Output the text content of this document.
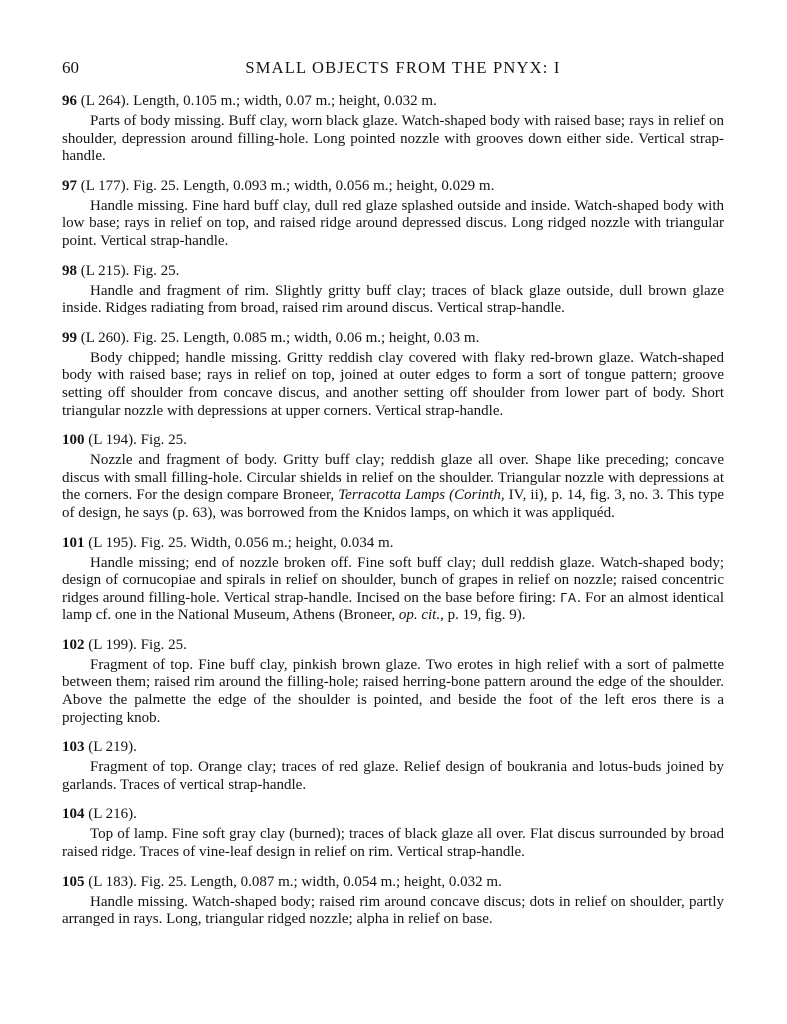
60	SMALL OBJECTS FROM THE PNYX: I
96 (L 264). Length, 0.105 m.; width, 0.07 m.; height, 0.032 m.

Parts of body missing. Buff clay, worn black glaze. Watch-shaped body with raised base; rays in relief on shoulder, depression around filling-hole. Long pointed nozzle with grooves down either side. Vertical strap-handle.

97 (L 177). Fig. 25. Length, 0.093 m.; width, 0.056 m.; height, 0.029 m.

Handle missing. Fine hard buff clay, dull red glaze splashed outside and inside. Watch-shaped body with low base; rays in relief on top, and raised ridge around depressed discus. Long ridged nozzle with triangular point. Vertical strap-handle.

98 (L 215). Fig. 25.

Handle and fragment of rim. Slightly gritty buff clay; traces of black glaze outside, dull brown glaze inside. Ridges radiating from broad, raised rim around discus. Vertical strap-handle.

99 (L 260). Fig. 25. Length, 0.085 m.; width, 0.06 m.; height, 0.03 m.

Body chipped; handle missing. Gritty reddish clay covered with flaky red-brown glaze. Watch-shaped body with raised base; rays in relief on top, joined at outer edges to form a sort of tongue pattern; groove setting off shoulder from concave discus, and another setting off shoulder from lower part of body. Short triangular nozzle with depressions at upper corners. Vertical strap-handle.

100 (L 194). Fig. 25.

Nozzle and fragment of body. Gritty buff clay; reddish glaze all over. Shape like preceding; concave discus with small filling-hole. Circular shields in relief on the shoulder. Triangular nozzle with depressions at the corners. For the design compare Broneer, Terracotta Lamps (Corinth, IV, ii), p. 14, fig. 3, no. 3. This type of design, he says (p. 63), was borrowed from the Knidos lamps, on which it was appliquéd.

101 (L 195). Fig. 25. Width, 0.056 m.; height, 0.034 m.

Handle missing; end of nozzle broken off. Fine soft buff clay; dull reddish glaze. Watch-shaped body; design of cornucopiae and spirals in relief on shoulder, bunch of grapes in relief on nozzle; raised concentric ridges around filling-hole. Vertical strap-handle. Incised on the base before firing: ΓΑ. For an almost identical lamp cf. one in the National Museum, Athens (Broneer, op. cit., p. 19, fig. 9).

102 (L 199). Fig. 25.

Fragment of top. Fine buff clay, pinkish brown glaze. Two erotes in high relief with a sort of palmette between them; raised rim around the filling-hole; raised herring-bone pattern around the edge of the shoulder. Above the palmette the edge of the shoulder is pointed, and beside the foot of the left eros there is a projecting knob.

103 (L 219).

Fragment of top. Orange clay; traces of red glaze. Relief design of boukrania and lotus-buds joined by garlands. Traces of vertical strap-handle.

104 (L 216).

Top of lamp. Fine soft gray clay (burned); traces of black glaze all over. Flat discus surrounded by broad raised ridge. Traces of vine-leaf design in relief on rim. Vertical strap-handle.

105 (L 183). Fig. 25. Length, 0.087 m.; width, 0.054 m.; height, 0.032 m.

Handle missing. Watch-shaped body; raised rim around concave discus; dots in relief on shoulder, partly arranged in rays. Long, triangular ridged nozzle; alpha in relief on base.
